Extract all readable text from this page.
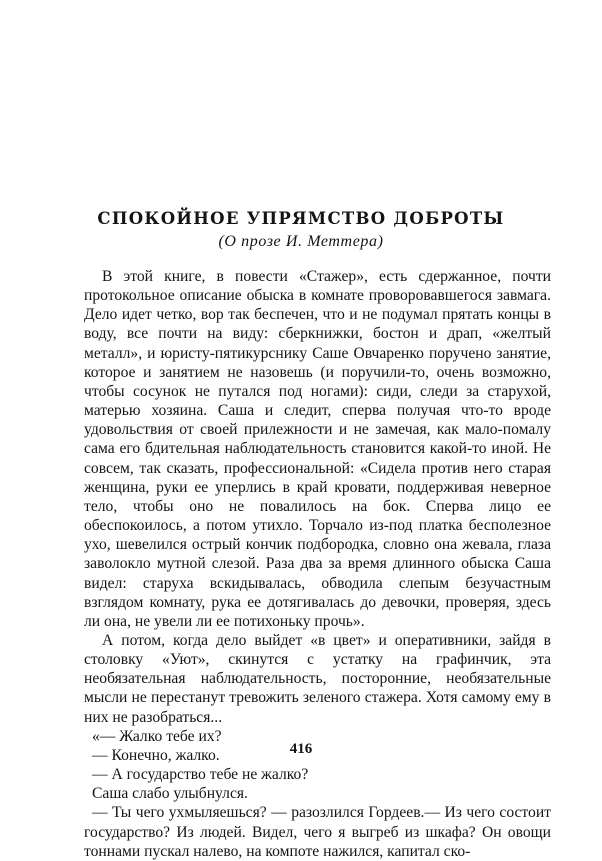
СПОКОЙНОЕ УПРЯМСТВО ДОБРОТЫ
(О прозе И. Меттера)

В этой книге, в повести «Стажер», есть сдержанное, почти протокольное описание обыска в комнате проворовавшегося завмага. Дело идет четко, вор так беспечен, что и не подумал прятать концы в воду, все почти на виду: сберкнижки, бостон и драп, «желтый металл», и юристу-пятикурснику Саше Овчаренко поручено занятие, которое и занятием не назовешь (и поручили-то, очень возможно, чтобы сосунок не путался под ногами): сиди, следи за старухой, матерью хозяина. Саша и следит, сперва получая что-то вроде удовольствия от своей прилежности и не замечая, как мало-помалу сама его бдительная наблюдательность становится какой-то иной. Не совсем, так сказать, профессиональной: «Сидела против него старая женщина, руки ее уперлись в край кровати, поддерживая неверное тело, чтобы оно не повалилось на бок. Сперва лицо ее обеспокоилось, а потом утихло. Торчало из-под платка бесполезное ухо, шевелился острый кончик подбородка, словно она жевала, глаза заволокло мутной слезой. Раза два за время длинного обыска Саша видел: старуха вскидывалась, обводила слепым безучастным взглядом комнату, рука ее дотягивалась до девочки, проверяя, здесь ли она, не увели ли ее потихоньку прочь».

А потом, когда дело выйдет «в цвет» и оперативники, зайдя в столовку «Уют», скинутся с устатку на графинчик, эта необязательная наблюдательность, посторонние, необязательные мысли не перестанут тревожить зеленого стажера. Хотя самому ему в них не разобраться...

«— Жалко тебе их?

— Конечно, жалко.

— А государство тебе не жалко?

Саша слабо улыбнулся.

— Ты чего ухмыляешься? — разозлился Гордеев.— Из чего состоит государство? Из людей. Видел, чего я выгреб из шкафа? Он овощи тоннами пускал налево, на компоте нажился, капитал ско-

416
